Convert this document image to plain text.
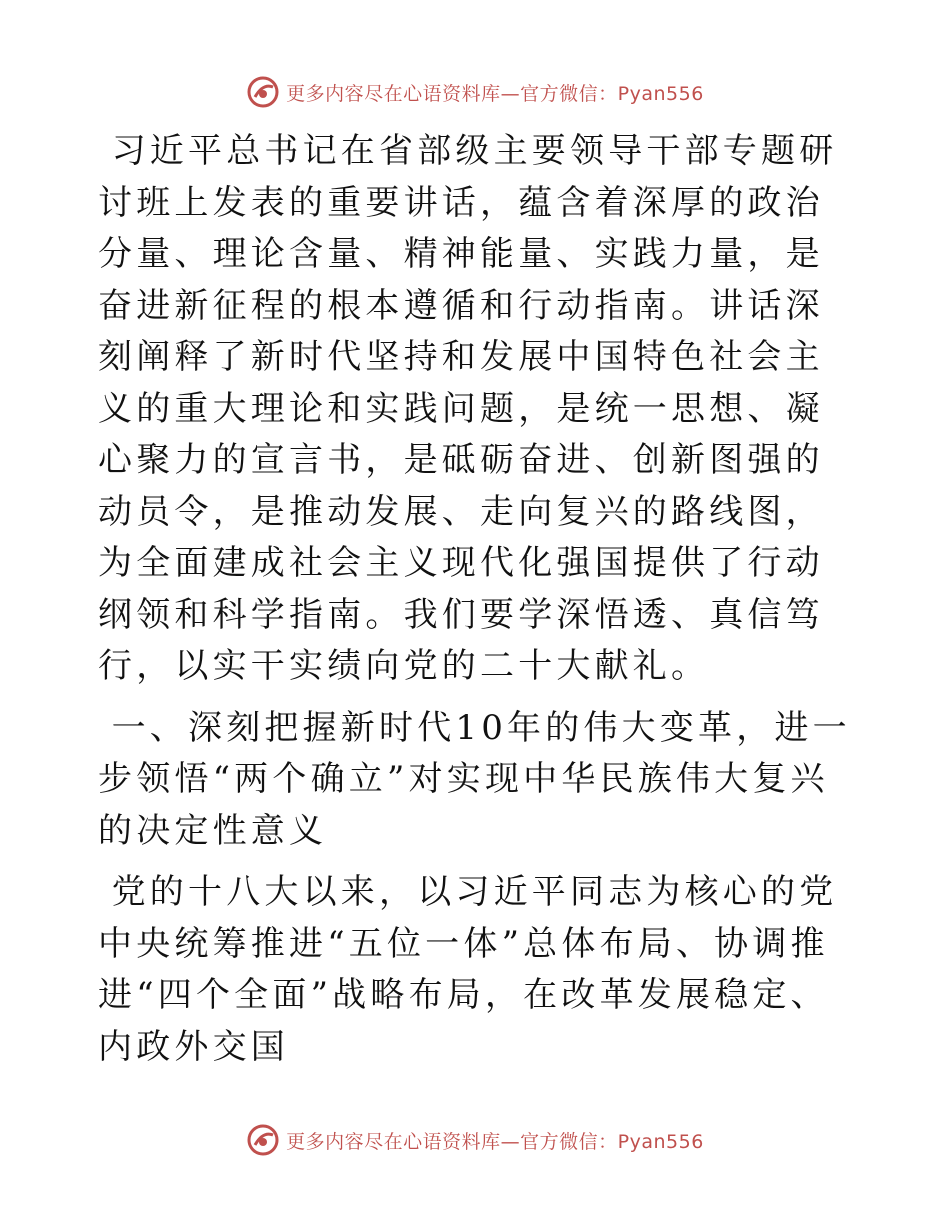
更多内容尽在心语资料库—官方微信：Pyan556

习近平总书记在省部级主要领导干部专题研讨班上发表的重要讲话，蕴含着深厚的政治分量、理论含量、精神能量、实践力量，是奋进新征程的根本遵循和行动指南。讲话深刻阐释了新时代坚持和发展中国特色社会主义的重大理论和实践问题，是统一思想、凝心聚力的宣言书，是砥砺奋进、创新图强的动员令，是推动发展、走向复兴的路线图，为全面建成社会主义现代化强国提供了行动纲领和科学指南。我们要学深悟透、真信笃行，以实干实绩向党的二十大献礼。

一、深刻把握新时代10年的伟大变革，进一步领悟“两个确立”对实现中华民族伟大复兴的决定性意义

党的十八大以来，以习近平同志为核心的党中央统筹推进“五位一体”总体布局、协调推进“四个全面”战略布局，在改革发展稳定、内政外交国

更多内容尽在心语资料库—官方微信：Pyan556
